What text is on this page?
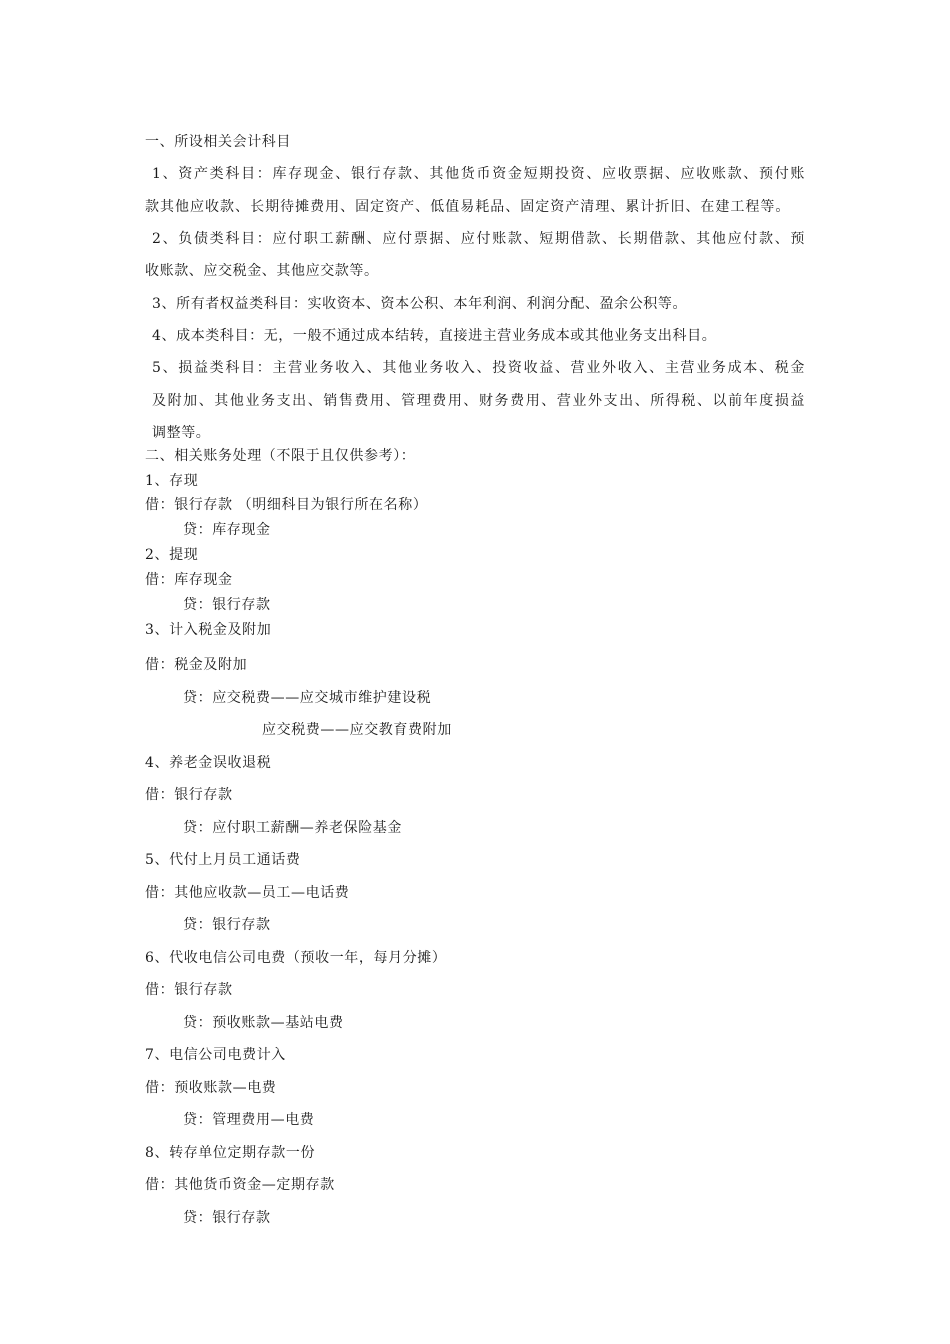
一、所设相关会计科目
1、资产类科目：库存现金、银行存款、其他货币资金短期投资、应收票据、应收账款、预付账
款其他应收款、长期待摊费用、固定资产、低值易耗品、固定资产清理、累计折旧、在建工程等。
2、负债类科目：应付职工薪酬、应付票据、应付账款、短期借款、长期借款、其他应付款、预
收账款、应交税金、其他应交款等。
3、所有者权益类科目：实收资本、资本公积、本年利润、利润分配、盈余公积等。
4、成本类科目：无，一般不通过成本结转，直接进主营业务成本或其他业务支出科目。
5、损益类科目：主营业务收入、其他业务收入、投资收益、营业外收入、主营业务成本、税金
及附加、其他业务支出、销售费用、管理费用、财务费用、营业外支出、所得税、以前年度损益
调整等。
二、相关账务处理（不限于且仅供参考）：
1、存现
借：银行存款 （明细科目为银行所在名称）
贷：库存现金
2、提现
借：库存现金
贷：银行存款
3、计入税金及附加
借：税金及附加
贷：应交税费——应交城市维护建设税
应交税费——应交教育费附加
4、养老金误收退税
借：银行存款
贷：应付职工薪酬—养老保险基金
5、代付上月员工通话费
借：其他应收款—员工—电话费
贷：银行存款
6、代收电信公司电费（预收一年，每月分摊）
借：银行存款
贷：预收账款—基站电费
7、电信公司电费计入
借：预收账款—电费
贷：管理费用—电费
8、转存单位定期存款一份
借：其他货币资金—定期存款
贷：银行存款
